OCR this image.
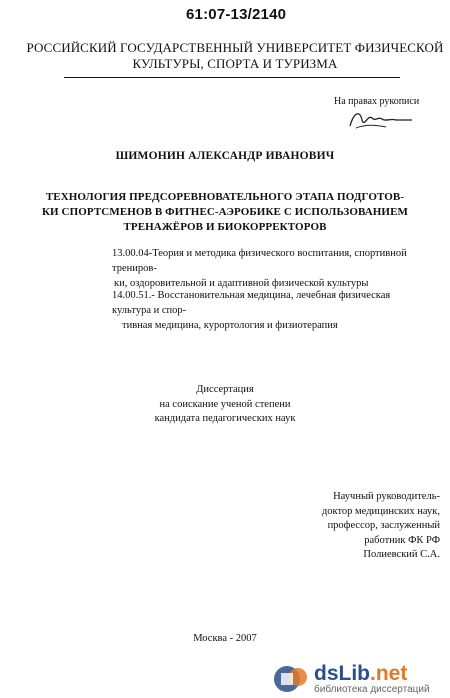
61:07-13/2140
РОССИЙСКИЙ ГОСУДАРСТВЕННЫЙ УНИВЕРСИТЕТ ФИЗИЧЕСКОЙ
КУЛЬТУРЫ, СПОРТА И ТУРИЗМА
На правах рукописи
ШИМОНИН АЛЕКСАНДР ИВАНОВИЧ
ТЕХНОЛОГИЯ ПРЕДСОРЕВНОВАТЕЛЬНОГО ЭТАПА ПОДГОТОВ-
КИ СПОРТСМЕНОВ В ФИТНЕС-АЭРОБИКЕ С ИСПОЛЬЗОВАНИЕМ
ТРЕНАЖЁРОВ И БИОКОРРЕКТОРОВ
13.00.04-Теория и методика физического воспитания, спортивной трениров-
ки, оздоровительной и адаптивной физической культуры
14.00.51.- Восстановительная медицина, лечебная физическая культура и спор-
тивная медицина, курортология и физиотерапия
Диссертация
на соискание ученой степени
кандидата педагогических наук
Научный руководитель-
доктор медицинских наук,
профессор, заслуженный
работник ФК РФ
Полиевский С.А.
Москва - 2007
dsLib.net
библиотека диссертаций
